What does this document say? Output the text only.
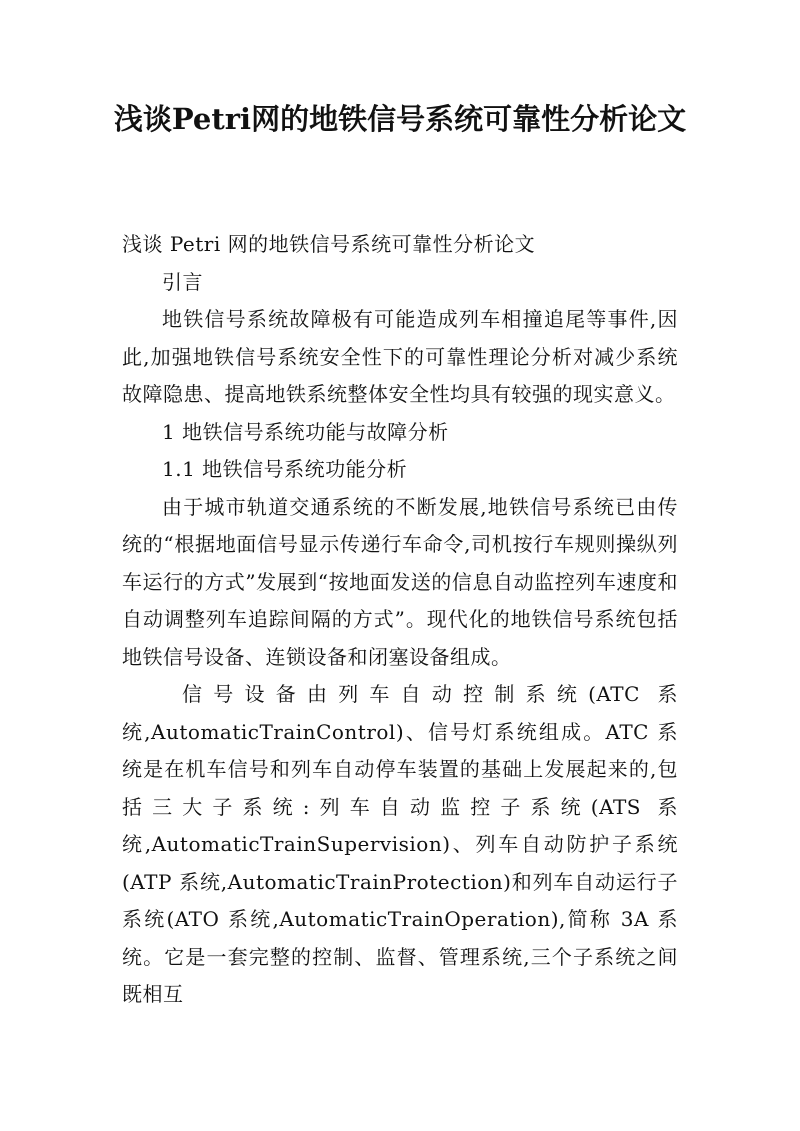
浅谈Petri网的地铁信号系统可靠性分析论文

浅谈 Petri 网的地铁信号系统可靠性分析论文

引言

地铁信号系统故障极有可能造成列车相撞追尾等事件,因此,加强地铁信号系统安全性下的可靠性理论分析对减少系统故障隐患、提高地铁系统整体安全性均具有较强的现实意义。

1 地铁信号系统功能与故障分析

1.1 地铁信号系统功能分析

由于城市轨道交通系统的不断发展,地铁信号系统已由传统的“根据地面信号显示传递行车命令,司机按行车规则操纵列车运行的方式”发展到“按地面发送的信息自动监控列车速度和自动调整列车追踪间隔的方式”。现代化的地铁信号系统包括地铁信号设备、连锁设备和闭塞设备组成。

信号设备由列车自动控制系统(ATC 系统,AutomaticTrainControl)、信号灯系统组成。ATC 系统是在机车信号和列车自动停车装置的基础上发展起来的,包括三大子系统:列车自动监控子系统(ATS 系统,AutomaticTrainSupervision)、列车自动防护子系统(ATP 系统,AutomaticTrainProtection)和列车自动运行子系统(ATO 系统,AutomaticTrainOperation),简称 3A 系统。它是一套完整的控制、监督、管理系统,三个子系统之间既相互
